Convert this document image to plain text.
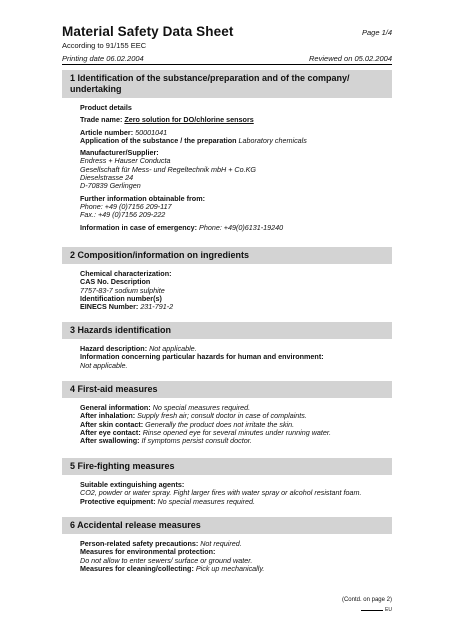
Material Safety Data Sheet	Page 1/4
According to 91/155 EEC
Printing date 06.02.2004	Reviewed on 05.02.2004
1 Identification of the substance/preparation and of the company/ undertaking

Product details

Trade name: Zero solution for DO/chlorine sensors

Article number: 50001041

Application of the substance / the preparation Laboratory chemicals

Manufacturer/Supplier:

Endress + Hauser Conducta

Gesellschaft für Mess- und Regeltechnik mbH + Co.KG

Dieselstrasse 24

D-70839 Gerlingen

Further information obtainable from:

Phone: +49 (0)7156 209-117

Fax.: +49 (0)7156 209-222

Information in case of emergency: Phone: +49(0)6131-19240

2 Composition/information on ingredients

Chemical characterization:

CAS No. Description

7757-83-7 sodium sulphite

Identification number(s)

EINECS Number: 231-791-2

3 Hazards identification

Hazard description: Not applicable.

Information concerning particular hazards for human and environment:

Not applicable.

4 First-aid measures

General information: No special measures required.

After inhalation: Supply fresh air; consult doctor in case of complaints.

After skin contact: Generally the product does not irritate the skin.

After eye contact: Rinse opened eye for several minutes under running water.

After swallowing: If symptoms persist consult doctor.

5 Fire-fighting measures

Suitable extinguishing agents:

CO2, powder or water spray. Fight larger fires with water spray or alcohol resistant foam.

Protective equipment: No special measures required.

6 Accidental release measures

Person-related safety precautions: Not required.

Measures for environmental protection:

Do not allow to enter sewers/ surface or ground water.

Measures for cleaning/collecting: Pick up mechanically.

(Contd. on page 2)
EU
